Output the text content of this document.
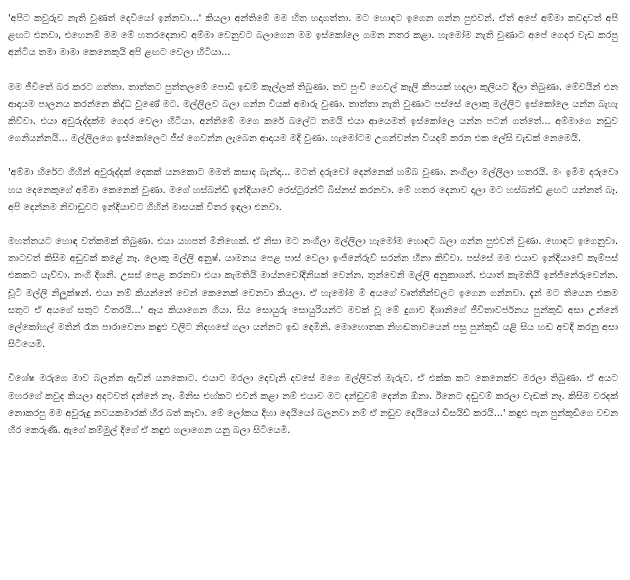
'අපිට කවුරුව නැති වුණත් දෙවියෝ ඉන්නවා...' කියලා අන්තිමේ මම හිත හදාගත්තා. මට හොඳට ඉගෙන ගන්න පුළුවන්. ඒත් අපේ අම්මා කවදාවත් අපි ළඟට එනවා, එහෙනම් මම මේ හතරදෙනාව අම්මා වෙනුවට බලාගෙන මම ඉස්කෝලෙ ගමන නතර කළා. හැමෝම නැති වුණාට අපේ ගෙදර වැඩ කරපු අන්ටිය තමා මාමා කෙනෙකුයි අපි ළඟට වෙලා හිටියා...

මම ජීවිතේ බර කරට ගත්තා. තාත්තට පුත්තලමේ පොඩි ඉඩම් කෑල්ලක් තිබුණා. තව පුංචි ගෙවල් කෑලි කීපයක් හදලා කුලියට දීලා තිබුණා. මේවයින් එන ආදායම පාලනය කරන්නෙ කිද්ධ වුණේ මට. මල්ලිලව බලා ගන්න වියක් අමාරු වුණා. තාත්තා නැති වුණාට පස්සේ ලොකු මල්ලිට ඉස්කෝලෙ යන්න බැහැ කිව්වා. එයා අවුරුද්දක්ම ගෙදර වෙලා හිටියා. අන්තිමේ මගෙ කරේ බලේට තමයි එයා ආයෙමත් ඉස්කෝලෙ යන්න පටන් ගත්තේ... අම්මාගෙ නඩුව ගෙනියන්නයි... මල්ලිලගෙ ඉස්කෝලෙට ජීස් ගෙවන්න ලැබෙන ආදායම මදි වුණා. හැමෝටම උගන්වන්න වියදම් කරන එක ලේසි වැඩක් නෙමෙයි.

'අම්මා හිරේට ගිහින් අවුරුද්දක් දෙකක් යනකොට මමත් කසාද බැන්දා... මටත් දරුවෝ දෙන්නෙක් හම්බ වුණා. නංගිලා මල්ලිලා හතරයි. මං ඉමිම දරුවො හය දෙනෙකුගේ අම්මා කෙනෙක් වුණා. මගේ හස්බන්ඩ් ඉන්දියාවේ රෙස්ටුරන්ට් බිස්නස් කරනවා. මේ හතර දෙනාව දාලා මට හස්බන්ඩ් ළඟට යන්නත් බෑ. අපි දෙන්නම නිවාඩුවට ඉන්දියාවට ගිහින් මාසයක් විතර ඉඳලා එනවා.

මහත්තයට හොඳ වත්කමක් තිබුණා. එයා යහපත් මිනිහෙක්. ඒ නිසා මට නංගිලා මල්ලිලා හැමෝම හොඳට බලා ගන්න පුළුවන් වුණා. හොඳට ඉගෙනුවා. තාටවත් කිසිම අඩුවක් කළේ නෑ. ලොකු මල්ලි අනුෂ්. යාමනය පෙළ පාස් වෙලා ඉංජිනේරුව් සරන්න හීනා කිව්වා. පස්සේ මම එයාව ඉන්දියාවේ කැම්පස් එකකට යැව්වා. නංගි දිශනි. උසස් පෙළ කරනවා එයා කැමතියි මාය්නවෝදිනියක් වෙන්න. තුන්වෙනි මල්ලි අනුකාශන්. එයාත් කැමතියි ඉන්ජිනේරුවෙන්න. චූටි මල්ලි නිලූක්ෂන්. එයා නම් කියන්නේ වෙන් කෙනෙක් වෙනවා කියලා. ඒ හැමෝම මි අයගේ වෘත්තීන්වලට ඉගෙන ගන්නවා. දැන් මට තියෙන එකම සතුට ඒ අයගේ සතුට විතරයි...' ඈය කියාගෙන ගියා. සිය සොයුරු සොයුරියන්ට මවක් වූ මේ දුගාව දිශානිගේ ජීවිතාවර්ජනය පුන්කුඩි අසා උන්නේ ලේකෝහල් මතින් රෑත පාරාවෙනා කඳුළු වලිට නිදහසේ ගලා යන්නට ඉඩ දෙමිනි. මොහොතක නිහඬතාවයෙන් පසු පුන්කුඩි යළි සිය හඬ අවදි කරනු අසා සිටියෙමි.

විශේෂ මරුගෙ මාව බලන්න ඇවින් යනකොට. එයාට මරලා දෙවැනි දවසේ මගෙ මල්ලිවත් මැරුව. ඒ එක්ක කට කෙනෙක්ව මරලා තිබුණා. ඒ අයට මහරගේ කවුද කියලා අදටවත් දන්නේ නෑ. මිනිස එහ්කට එවන් කළා නම් එයාව මට දන්ඩුවම් දෙන්න ඕනා. ඊනෙට දඬුවම් කරලා වැඩක් නෑ. කිසිම වරදක් නොකරපු මම අවුරුදු නවයකමාරක් හිර බත් කෑවා. මේ ලෝකය දිහා දෙයියෝ බලනවා නම් ඒ නඩුව දෙයියෝ ඩිසයිඩ් කරයි...' කඳුළු පැන පුන්කුඩිගෙ වචන හිර කෙරුණි. ඇගේ කම්මුල් දිගේ ඒ කඳුළු ගලාගෙන යනු බලා සිටියෙමි.
